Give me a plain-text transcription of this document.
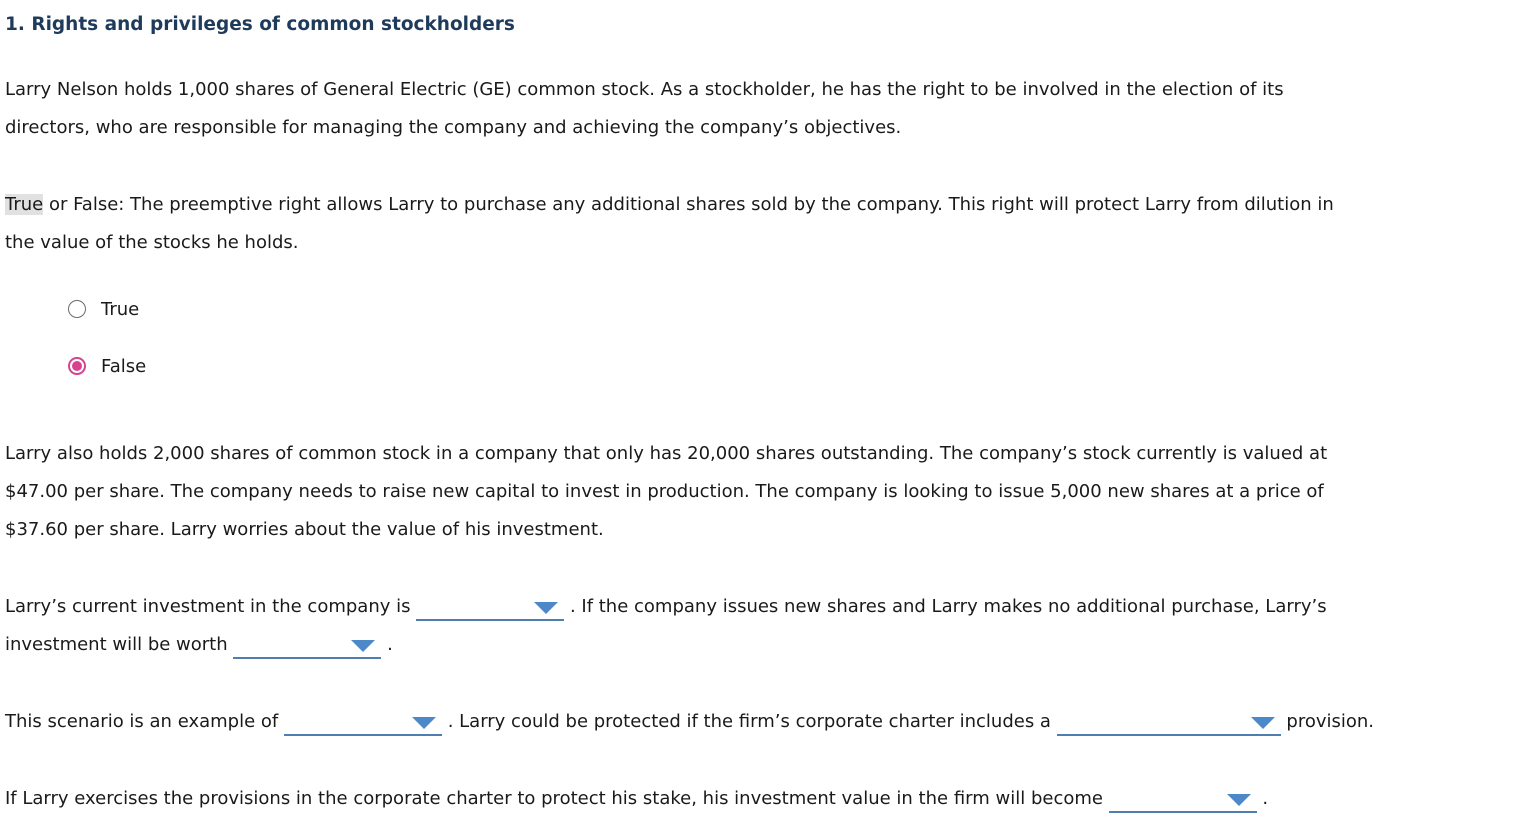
1. Rights and privileges of common stockholders

Larry Nelson holds 1,000 shares of General Electric (GE) common stock. As a stockholder, he has the right to be involved in the election of its
directors, who are responsible for managing the company and achieving the company’s objectives.

True or False: The preemptive right allows Larry to purchase any additional shares sold by the company. This right will protect Larry from dilution in
the value of the stocks he holds.

True
False

Larry also holds 2,000 shares of common stock in a company that only has 20,000 shares outstanding. The company’s stock currently is valued at
$47.00 per share. The company needs to raise new capital to invest in production. The company is looking to issue 5,000 new shares at a price of
$37.60 per share. Larry worries about the value of his investment.

Larry’s current investment in the company is	. If the company issues new shares and Larry makes no additional purchase, Larry’s
investment will be worth	.

This scenario is an example of	. Larry could be protected if the firm’s corporate charter includes a	provision.

If Larry exercises the provisions in the corporate charter to protect his stake, his investment value in the firm will become	.
